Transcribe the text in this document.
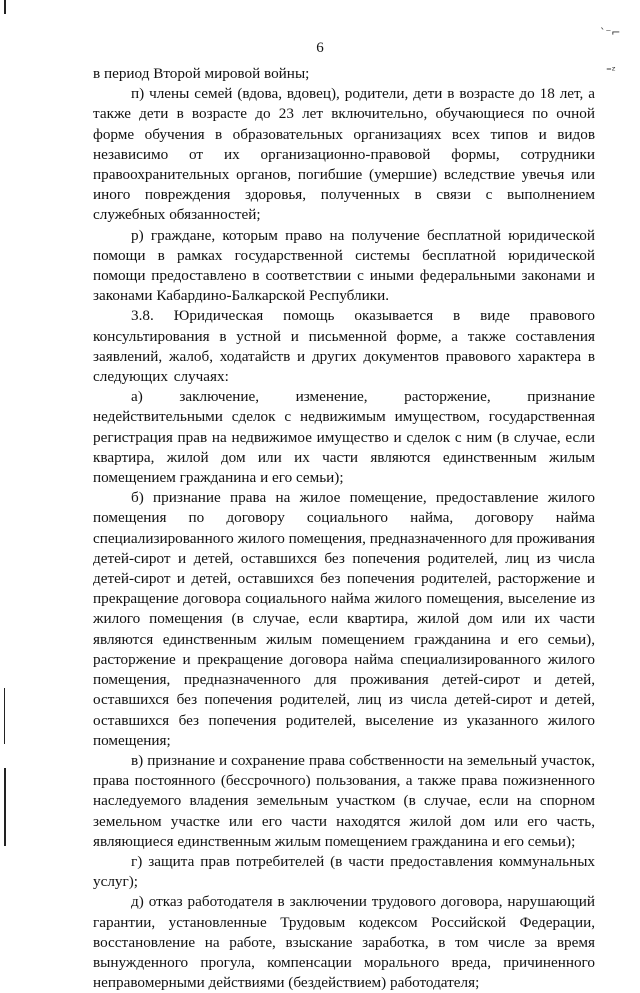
6
ˋ⁻⌐
⁼ᶻ

в период Второй мировой войны;

п) члены семей (вдова, вдовец), родители, дети в возрасте до 18 лет, а также дети в возрасте до 23 лет включительно, обучающиеся по очной форме обучения в образовательных организациях всех типов и видов независимо от их организационно-правовой формы, сотрудники правоохранительных органов, погибшие (умершие) вследствие увечья или иного повреждения здоровья, полученных в связи с выполнением служебных обязанностей;

р) граждане, которым право на получение бесплатной юридической помощи в рамках государственной системы бесплатной юридической помощи предоставлено в соответствии с иными федеральными законами и законами Кабардино-Балкарской Республики.

3.8. Юридическая помощь оказывается в виде правового консультирования в устной и письменной форме, а также составления заявлений, жалоб, ходатайств и других документов правового характера в следующих случаях:

а) заключение, изменение, расторжение, признание недействительными сделок с недвижимым имуществом, государственная регистрация прав на недвижимое имущество и сделок с ним (в случае, если квартира, жилой дом или их части являются единственным жилым помещением гражданина и его семьи);

б) признание права на жилое помещение, предоставление жилого помещения по договору социального найма, договору найма специализированного жилого помещения, предназначенного для проживания детей-сирот и детей, оставшихся без попечения родителей, лиц из числа детей-сирот и детей, оставшихся без попечения родителей, расторжение и прекращение договора социального найма жилого помещения, выселение из жилого помещения (в случае, если квартира, жилой дом или их части являются единственным жилым помещением гражданина и его семьи), расторжение и прекращение договора найма специализированного жилого помещения, предназначенного для проживания детей-сирот и детей, оставшихся без попечения родителей, лиц из числа детей-сирот и детей, оставшихся без попечения родителей, выселение из указанного жилого помещения;

в) признание и сохранение права собственности на земельный участок, права постоянного (бессрочного) пользования, а также права пожизненного наследуемого владения земельным участком (в случае, если на спорном земельном участке или его части находятся жилой дом или его часть, являющиеся единственным жилым помещением гражданина и его семьи);

г) защита прав потребителей (в части предоставления коммунальных услуг);

д) отказ работодателя в заключении трудового договора, нарушающий гарантии, установленные Трудовым кодексом Российской Федерации, восстановление на работе, взыскание заработка, в том числе за время вынужденного прогула, компенсации морального вреда, причиненного неправомерными действиями (бездействием) работодателя;
